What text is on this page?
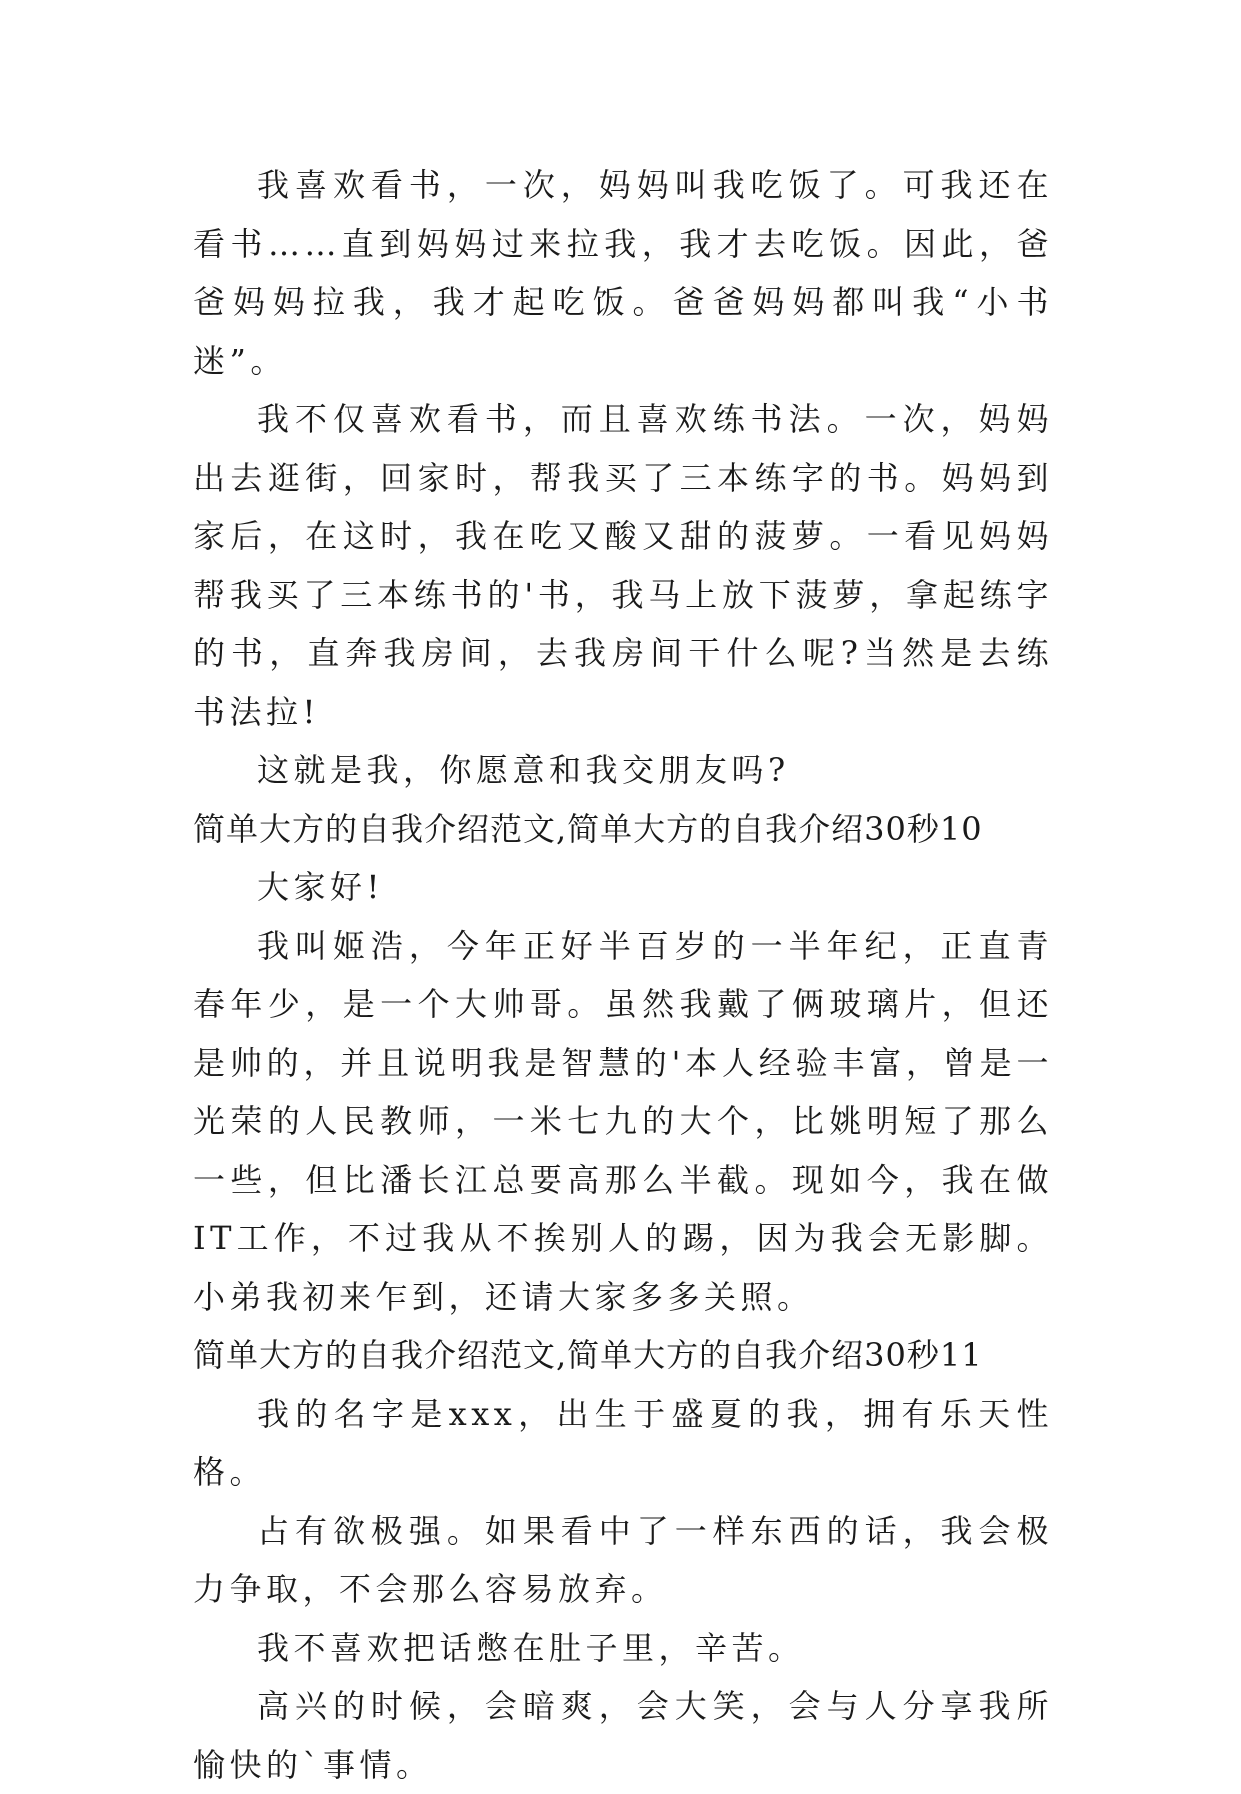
我喜欢看书，一次，妈妈叫我吃饭了。可我还在看书……直到妈妈过来拉我，我才去吃饭。因此，爸爸妈妈拉我，我才起吃饭。爸爸妈妈都叫我“小书迷”。

我不仅喜欢看书，而且喜欢练书法。一次，妈妈出去逛街，回家时，帮我买了三本练字的书。妈妈到家后，在这时，我在吃又酸又甜的菠萝。一看见妈妈帮我买了三本练书的'书，我马上放下菠萝，拿起练字的书，直奔我房间，去我房间干什么呢?当然是去练书法拉!

这就是我，你愿意和我交朋友吗?

简单大方的自我介绍范文,简单大方的自我介绍30秒10

大家好!

我叫姬浩，今年正好半百岁的一半年纪，正直青春年少，是一个大帅哥。虽然我戴了俩玻璃片，但还是帅的，并且说明我是智慧的'本人经验丰富，曾是一光荣的人民教师，一米七九的大个，比姚明短了那么一些，但比潘长江总要高那么半截。现如今，我在做IT工作，不过我从不挨别人的踢，因为我会无影脚。小弟我初来乍到，还请大家多多关照。

简单大方的自我介绍范文,简单大方的自我介绍30秒11

我的名字是xxx，出生于盛夏的我，拥有乐天性格。

占有欲极强。如果看中了一样东西的话，我会极力争取，不会那么容易放弃。

我不喜欢把话憋在肚子里，辛苦。

高兴的时候，会暗爽，会大笑，会与人分享我所愉快的`事情。
